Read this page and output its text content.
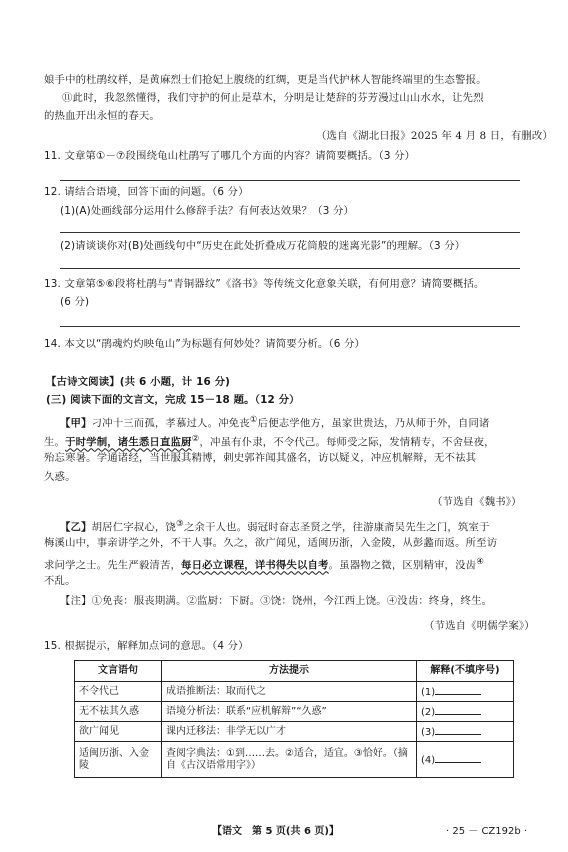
娘手中的杜鹃纹样，是黄麻烈士们抢妃上腹绕的红绸，更是当代护林人智能终端里的生态警报。
⑪此时，我忽然懂得，我们守护的何止是草木，分明是让楚辞的芬芳漫过山山水水，让先烈
的热血开出永恒的春天。
（选自《湖北日报》2025 年 4 月 8 日，有删改）
11. 文章第①－⑦段围绕龟山杜鹃写了哪几个方面的内容？请简要概括。（3 分）
12. 请结合语境，回答下面的问题。（6 分）
(1)(A)处画线部分运用什么修辞手法？有何表达效果？（3 分）
(2)请谈谈你对(B)处画线句中“历史在此处折叠成万花筒般的迷离光影”的理解。（3 分）
13. 文章第⑤⑥段将杜鹃与“青铜器纹”《洛书》等传统文化意象关联，有何用意？请简要概括。
(6 分)
14. 本文以“鹃魂灼灼映龟山”为标题有何妙处？请简要分析。（6 分）
【古诗文阅读】(共 6 小题，计 16 分)
(三) 阅读下面的文言文，完成 15－18 题。（12 分）
【甲】刁冲十三而孤，孝慕过人。冲免丧①后便志学他方，虽家世贵达，乃从师于外，自同诸
生。于时学制，诸生悉日直监厨②，冲虽有仆隶，不令代己。每师受之际，发情精专，不舍昼夜，
殆忘寒暑。学通诸经，当世服其精博，刺史郭祚闻其盛名，访以疑义，冲应机解辩，无不祛其
久惑。
（节选自《魏书》）
【乙】胡居仁字叔心，饶③之余干人也。弱冠时奋志圣贤之学，往游康斋吴先生之门，筑室于
梅溪山中，事亲讲学之外，不干人事。久之，欲广闻见，适闽历浙，入金陵，从彭蠡而返。所至访
求问学之士。先生严毅清苦，每日必立课程，详书得失以自考。虽器物之微，区别精审，没齿④
不乱。
【注】①免丧：服丧期满。②监厨：下厨。③饶：饶州，今江西上饶。④没齿：终身，终生。
（节选自《明儒学案》）
15. 根据提示，解释加点词的意思。（4 分）
文言语句	方法提示	解释(不填序号)
不令代己	成语推断法：取而代之	(1)
无不祛其久惑	语境分析法：联系“应机解辩”“久惑”	(2)
欲广闻见	课内迁移法：非学无以广才	(3)
适闽历浙、入金陵	查阅字典法：①到……去。②适合，适宜。③恰好。（摘自《古汉语常用字》）	(4)
【语文　第 5 页(共 6 页)】	· 25 － CZ192b ·
